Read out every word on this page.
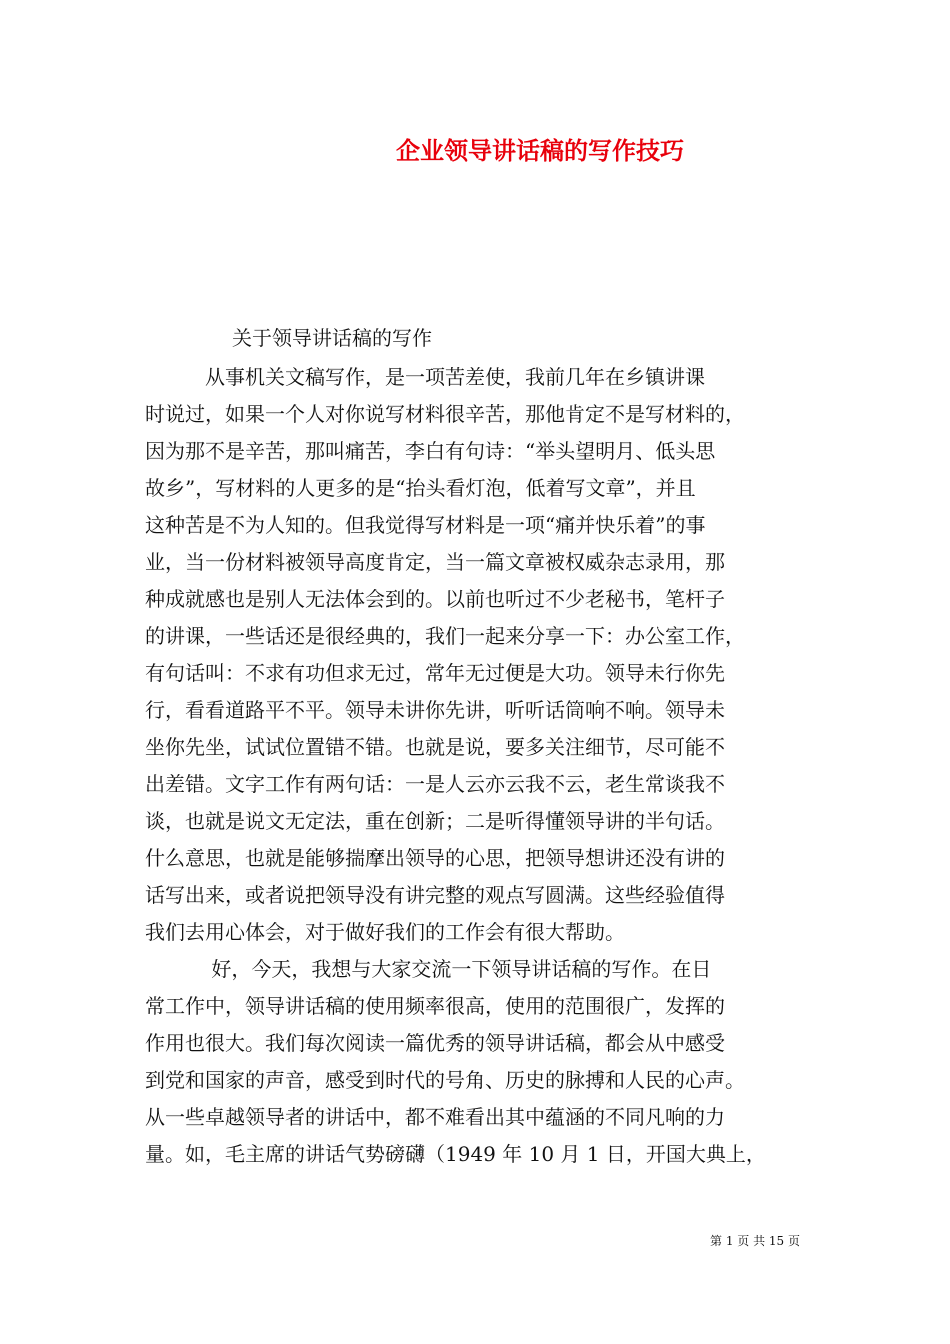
企业领导讲话稿的写作技巧
关于领导讲话稿的写作
　　　从事机关文稿写作，是一项苦差使，我前几年在乡镇讲课
时说过，如果一个人对你说写材料很辛苦，那他肯定不是写材料的，
因为那不是辛苦，那叫痛苦，李白有句诗：“举头望明月、低头思
故乡”，写材料的人更多的是“抬头看灯泡，低着写文章”，并且
这种苦是不为人知的。但我觉得写材料是一项“痛并快乐着”的事
业，当一份材料被领导高度肯定，当一篇文章被权威杂志录用，那
种成就感也是别人无法体会到的。以前也听过不少老秘书，笔杆子
的讲课，一些话还是很经典的，我们一起来分享一下：办公室工作，
有句话叫：不求有功但求无过，常年无过便是大功。领导未行你先
行，看看道路平不平。领导未讲你先讲，听听话筒响不响。领导未
坐你先坐，试试位置错不错。也就是说，要多关注细节，尽可能不
出差错。文字工作有两句话：一是人云亦云我不云，老生常谈我不
谈，也就是说文无定法，重在创新；二是听得懂领导讲的半句话。
什么意思，也就是能够揣摩出领导的心思，把领导想讲还没有讲的
话写出来，或者说把领导没有讲完整的观点写圆满。这些经验值得
我们去用心体会，对于做好我们的工作会有很大帮助。
　　　 好，今天，我想与大家交流一下领导讲话稿的写作。在日
常工作中，领导讲话稿的使用频率很高，使用的范围很广，发挥的
作用也很大。我们每次阅读一篇优秀的领导讲话稿，都会从中感受
到党和国家的声音，感受到时代的号角、历史的脉搏和人民的心声。
从一些卓越领导者的讲话中，都不难看出其中蕴涵的不同凡响的力
量。如，毛主席的讲话气势磅礴（1949 年 10 月 1 日，开国大典上，
第 1 页 共 15 页
